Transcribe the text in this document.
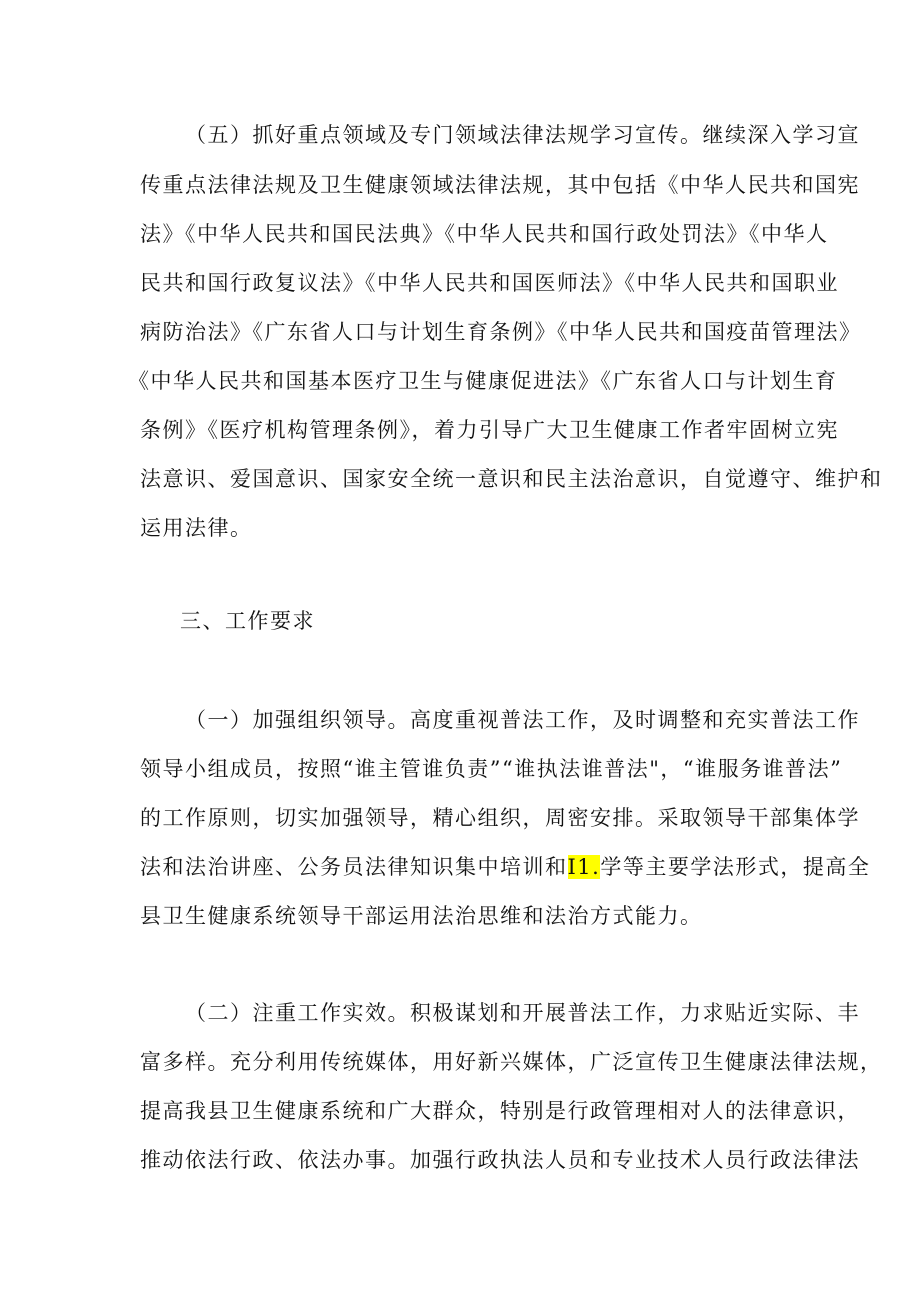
（五）抓好重点领域及专门领域法律法规学习宣传。继续深入学习宣
传重点法律法规及卫生健康领域法律法规，其中包括《中华人民共和国宪
法》《中华人民共和国民法典》《中华人民共和国行政处罚法》《中华人
民共和国行政复议法》《中华人民共和国医师法》《中华人民共和国职业
病防治法》《广东省人口与计划生育条例》《中华人民共和国疫苗管理法》
《中华人民共和国基本医疗卫生与健康促进法》《广东省人口与计划生育
条例》《医疗机构管理条例》，着力引导广大卫生健康工作者牢固树立宪
法意识、爱国意识、国家安全统一意识和民主法治意识，自觉遵守、维护和
运用法律。
三、工作要求
（一）加强组织领导。高度重视普法工作，及时调整和充实普法工作
领导小组成员，按照“谁主管谁负责”“谁执法谁普法"，“谁服务谁普法”
的工作原则，切实加强领导，精心组织，周密安排。采取领导干部集体学
法和法治讲座、公务员法律知识集中培训和I1.学等主要学法形式，提高全
县卫生健康系统领导干部运用法治思维和法治方式能力。
（二）注重工作实效。积极谋划和开展普法工作，力求贴近实际、丰
富多样。充分利用传统媒体，用好新兴媒体，广泛宣传卫生健康法律法规，
提高我县卫生健康系统和广大群众，特别是行政管理相对人的法律意识，
推动依法行政、依法办事。加强行政执法人员和专业技术人员行政法律法
